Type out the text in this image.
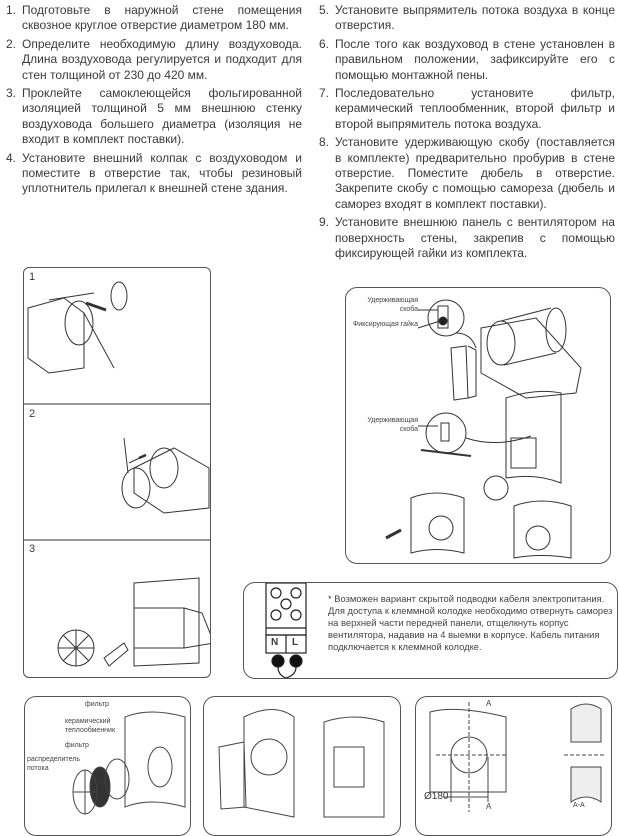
1. Подготовьте в наружной стене помещения сквозное круглое отверстие диаметром 180 мм.
2. Определите необходимую длину воздуховода. Длина воздуховода регулируется и подходит для стен толщиной от 230 до 420 мм.
3. Проклейте самоклеющейся фольгированной изоляцией толщиной 5 мм внешнюю стенку воздуховода большего диаметра (изоляция не входит в комплект поставки).
4. Установите внешний колпак с воздуховодом и поместите в отверстие так, чтобы резиновый уплотнитель прилегал к внешней стене здания.
5. Установите выпрямитель потока воздуха в конце отверстия.
6. После того как воздуховод в стене установлен в правильном положении, зафиксируйте его с помощью монтажной пены.
7. Последовательно установите фильтр, керамический теплообменник, второй фильтр и второй выпрямитель потока воздуха.
8. Установите удерживающую скобу (поставляется в комплекте) предварительно пробурив в стене отверстие. Поместите дюбель в отверстие. Закрепите скобу с помощью самореза (дюбель и саморез входят в комплект поставки).
9. Установите внешнюю панель с вентилятором на поверхность стены, закрепив с помощью фиксирующей гайки из комплекта.
1
2
3
Удерживающая скоба
Фиксирующая гайка
Удерживающая скоба
N L
* Возможен вариант скрытой подводки кабеля электропитания. Для доступа к клеммной колодке необходимо отвернуть саморез на верхней части передней панели, отщелкнуть корпус вентилятора, надавив на 4 выемки в корпусе. Кабель питания подключается к клеммной колодке.
фильтр
керамический теплообменник
фильтр
распределитель потока
A
A
Ø180
A-A
